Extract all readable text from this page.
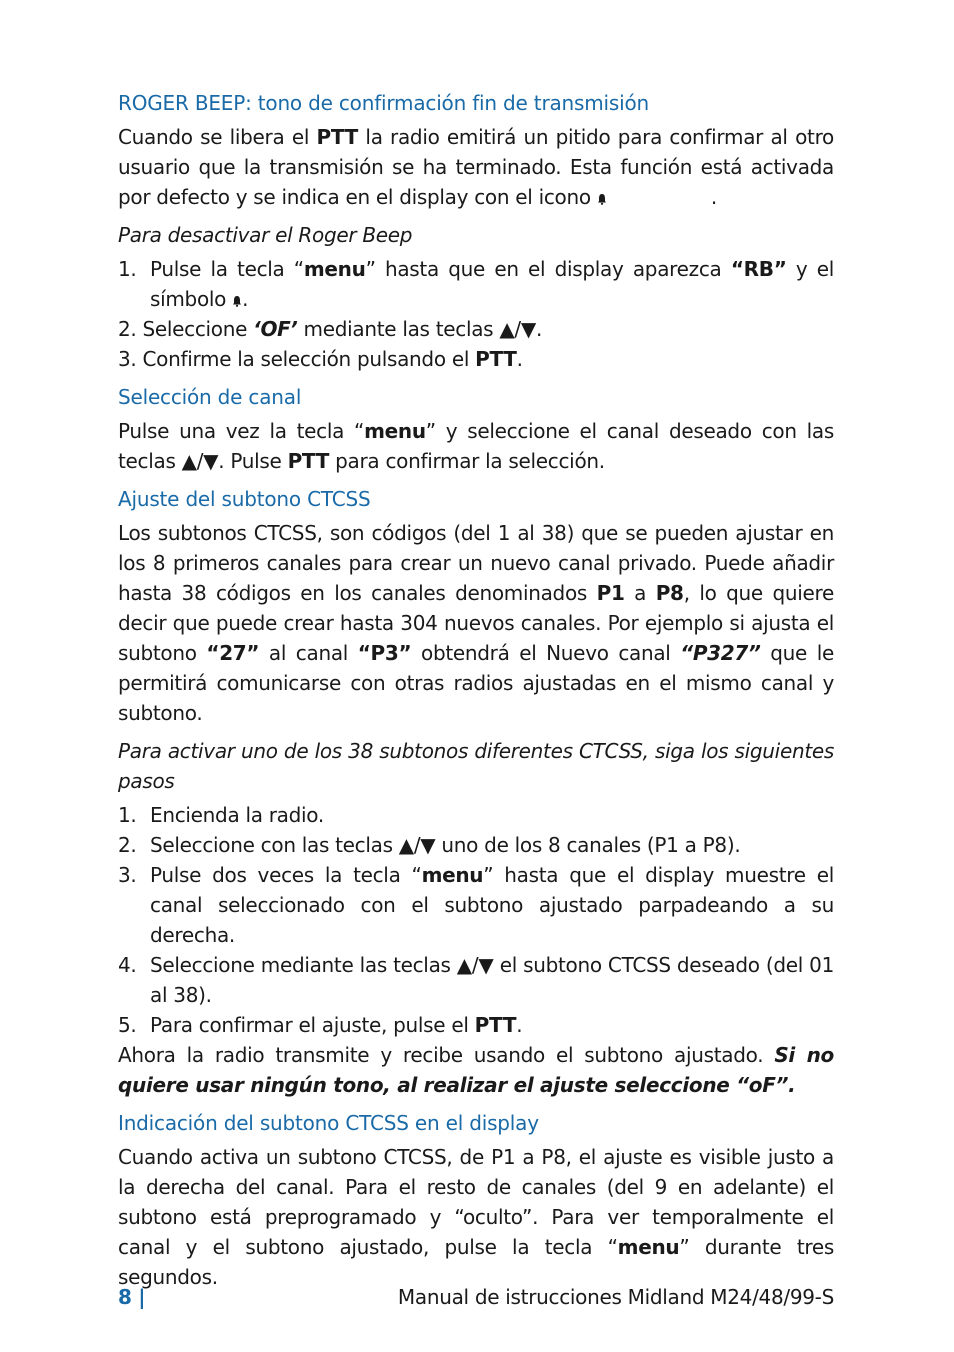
ROGER BEEP: tono de confirmación fin de transmisión

Cuando se libera el PTT la radio emitirá un pitido para confirmar al otro usuario que la transmisión se ha terminado. Esta función está activada por defecto y se indica en el display con el icono	.

Para desactivar el Roger Beep

1. Pulse la tecla “menu” hasta que en el display aparezca “RB” y el símbolo .
2. Seleccione ‘OF’ mediante las teclas ▲/▼.
3. Confirme la selección pulsando el PTT.
Selección de canal

Pulse una vez la tecla “menu” y seleccione el canal deseado con las teclas ▲/▼. Pulse PTT para confirmar la selección.

Ajuste del subtono CTCSS

Los subtonos CTCSS, son códigos (del 1 al 38) que se pueden ajustar en los 8 primeros canales para crear un nuevo canal privado. Puede añadir hasta 38 códigos en los canales denominados P1 a P8, lo que quiere decir que puede crear hasta 304 nuevos canales. Por ejemplo si ajusta el subtono “27” al canal “P3” obtendrá el Nuevo canal “P327” que le permitirá comunicarse con otras radios ajustadas en el mismo canal y subtono.

Para activar uno de los 38 subtonos diferentes CTCSS, siga los siguientes pasos

1. Encienda la radio.
2. Seleccione con las teclas ▲/▼ uno de los 8 canales (P1 a P8).
3. Pulse dos veces la tecla “menu” hasta que el display muestre el canal seleccionado con el subtono ajustado parpadeando a su derecha.
4. Seleccione mediante las teclas ▲/▼ el subtono CTCSS deseado (del 01 al 38).
5. Para confirmar el ajuste, pulse el PTT.

Ahora la radio transmite y recibe usando el subtono ajustado. Si no quiere usar ningún tono, al realizar el ajuste seleccione “oF”.

Indicación del subtono CTCSS en el display

Cuando activa un subtono CTCSS, de P1 a P8, el ajuste es visible justo a la derecha del canal. Para el resto de canales (del 9 en adelante) el subtono está preprogramado y “oculto”. Para ver temporalmente el canal y el subtono ajustado, pulse la tecla “menu” durante tres segundos.

8 |	Manual de istrucciones Midland M24/48/99-S
